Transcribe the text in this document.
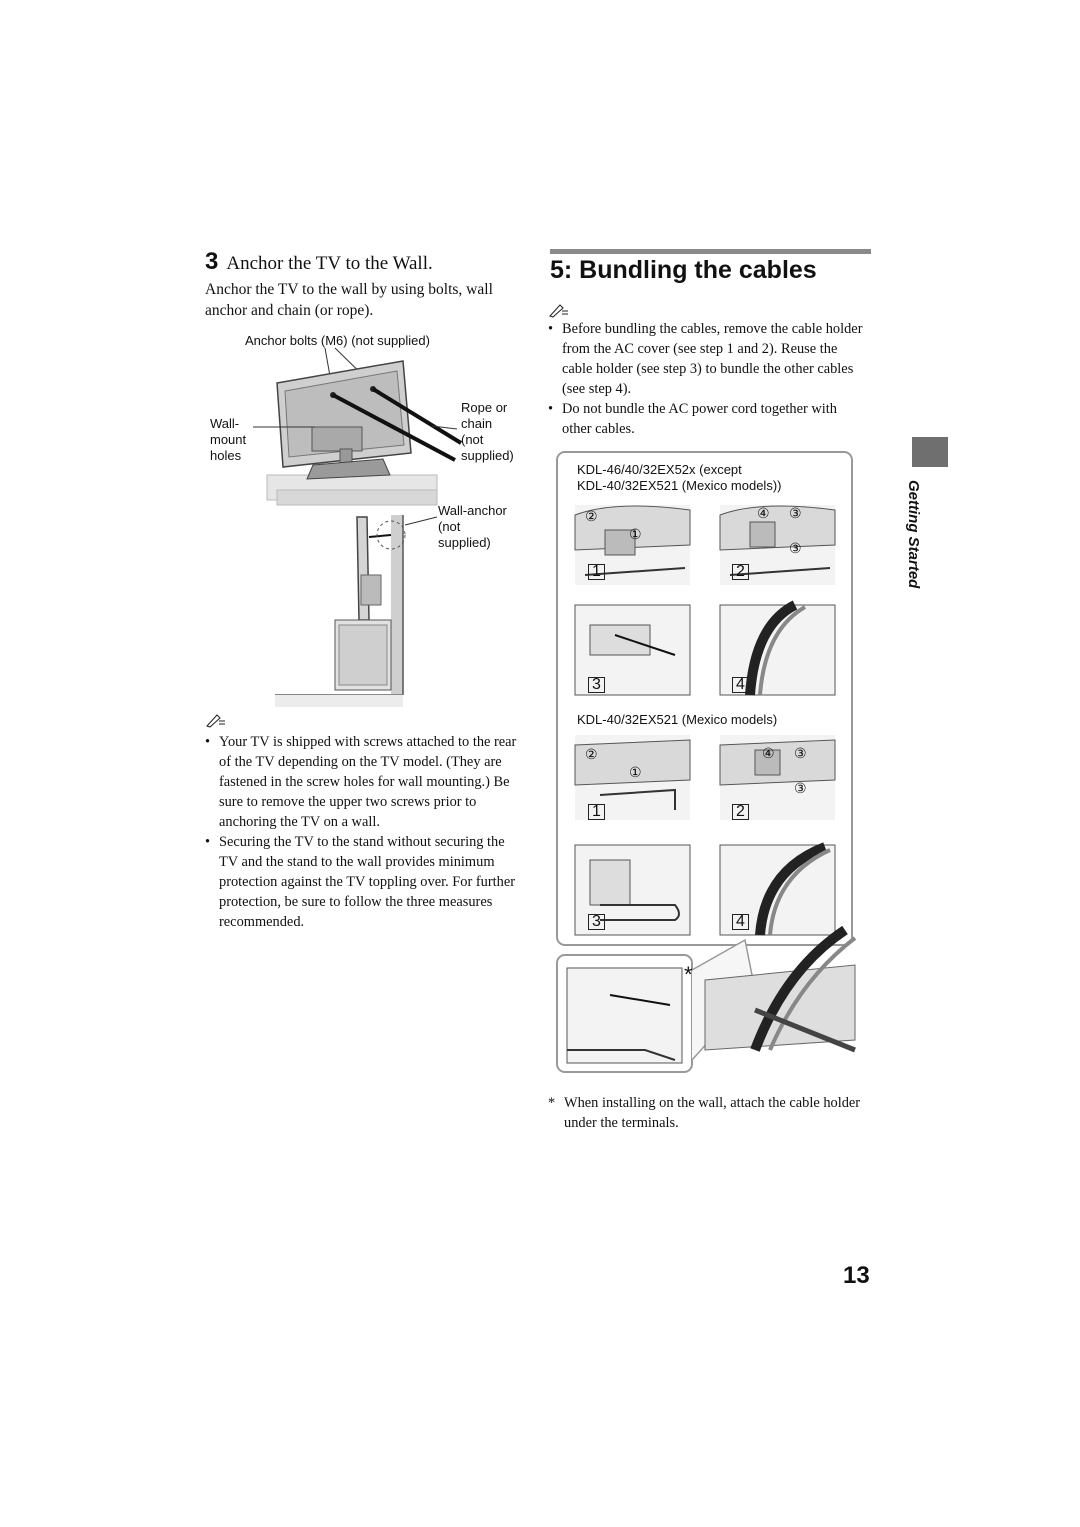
3 Anchor the TV to the Wall.
Anchor the TV to the wall by using bolts, wall anchor and chain (or rope).
Anchor bolts (M6) (not supplied)
Wall-
mount
holes
Rope or
chain
(not
supplied)
Wall-anchor
(not
supplied)
• Your TV is shipped with screws attached to the rear of the TV depending on the TV model. (They are fastened in the screw holes for wall mounting.) Be sure to remove the upper two screws prior to anchoring the TV on a wall.
• Securing the TV to the stand without securing the TV and the stand to the wall provides minimum protection against the TV toppling over. For further protection, be sure to follow the three measures recommended.
5: Bundling the cables
• Before bundling the cables, remove the cable holder from the AC cover (see step 1 and 2). Reuse the cable holder (see step 3) to bundle the other cables (see step 4).
• Do not bundle the AC power cord together with other cables.
KDL-46/40/32EX52x (except
KDL-40/32EX521 (Mexico models))
KDL-40/32EX521 (Mexico models)
1	2
3	4
1	2
3	4
②
①
④ ③
③
②
①
④ ③
③
*
* When installing on the wall, attach the cable holder under the terminals.
Getting Started
13
